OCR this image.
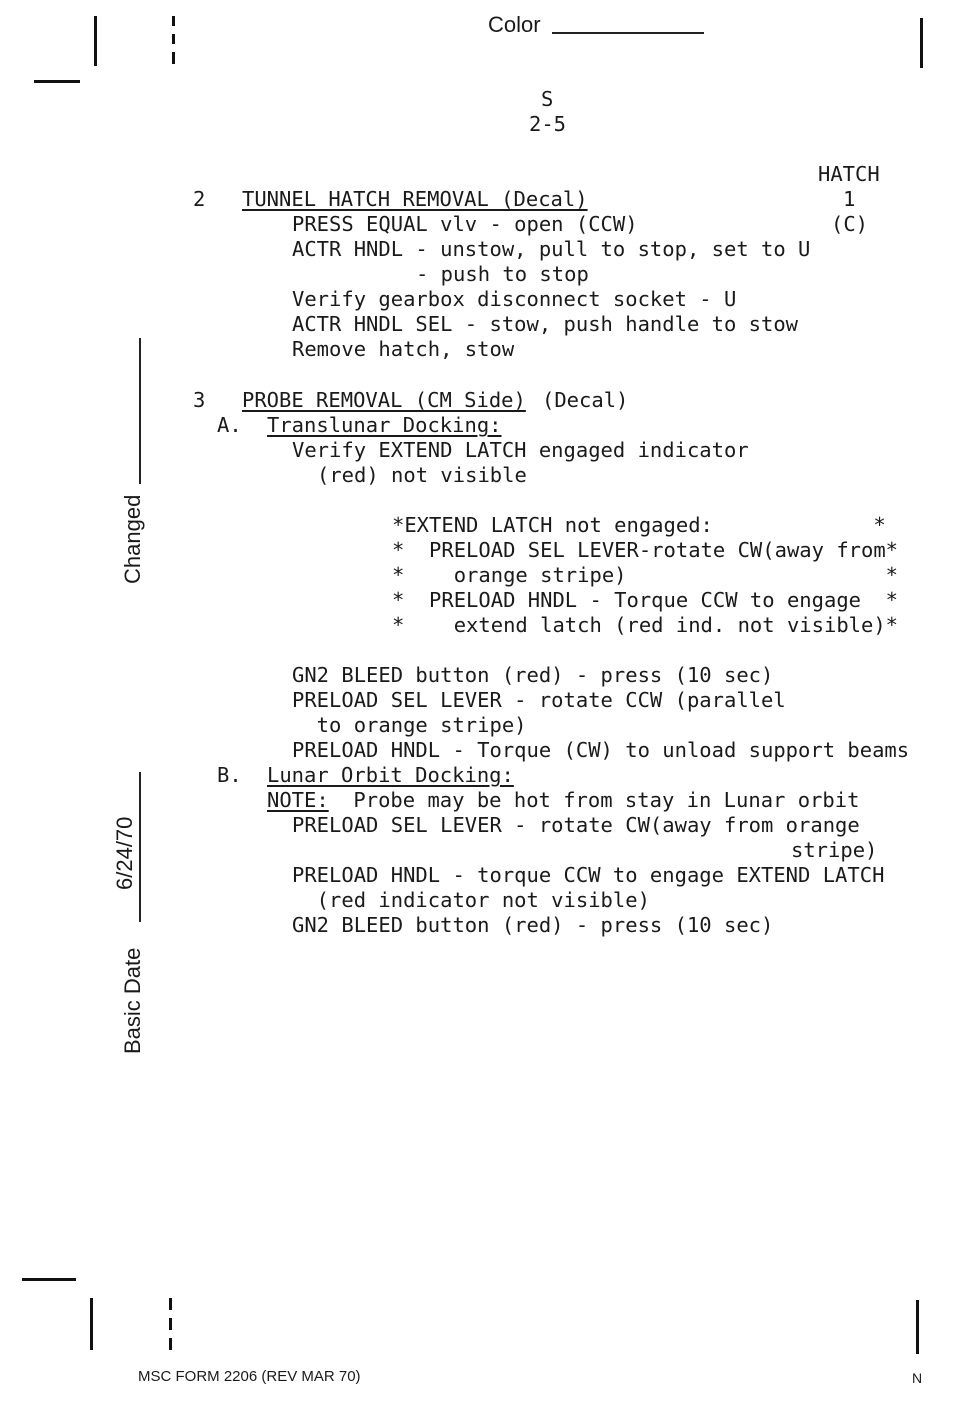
Color
S
2-5
HATCH
1
(C)
2 TUNNEL HATCH REMOVAL (Decal)
PRESS EQUAL vlv - open (CCW)
ACTR HNDL - unstow, pull to stop, set to U
- push to stop
Verify gearbox disconnect socket - U
ACTR HNDL SEL - stow, push handle to stow
Remove hatch, stow
3 PROBE REMOVAL (CM Side) (Decal)
A. Translunar Docking:
Verify EXTEND LATCH engaged indicator
(red) not visible
*EXTEND LATCH not engaged:             *
*  PRELOAD SEL LEVER-rotate CW(away from*
*    orange stripe)                     *
*  PRELOAD HNDL - Torque CCW to engage  *
*    extend latch (red ind. not visible)*
GN2 BLEED button (red) - press (10 sec)
PRELOAD SEL LEVER - rotate CCW (parallel
to orange stripe)
PRELOAD HNDL - Torque (CW) to unload support beams
B. Lunar Orbit Docking:
NOTE:  Probe may be hot from stay in Lunar orbit
PRELOAD SEL LEVER - rotate CW(away from orange
stripe)
PRELOAD HNDL - torque CCW to engage EXTEND LATCH
(red indicator not visible)
GN2 BLEED button (red) - press (10 sec)
Changed
Basic Date
6/24/70
MSC FORM 2206 (REV MAR 70)	N
